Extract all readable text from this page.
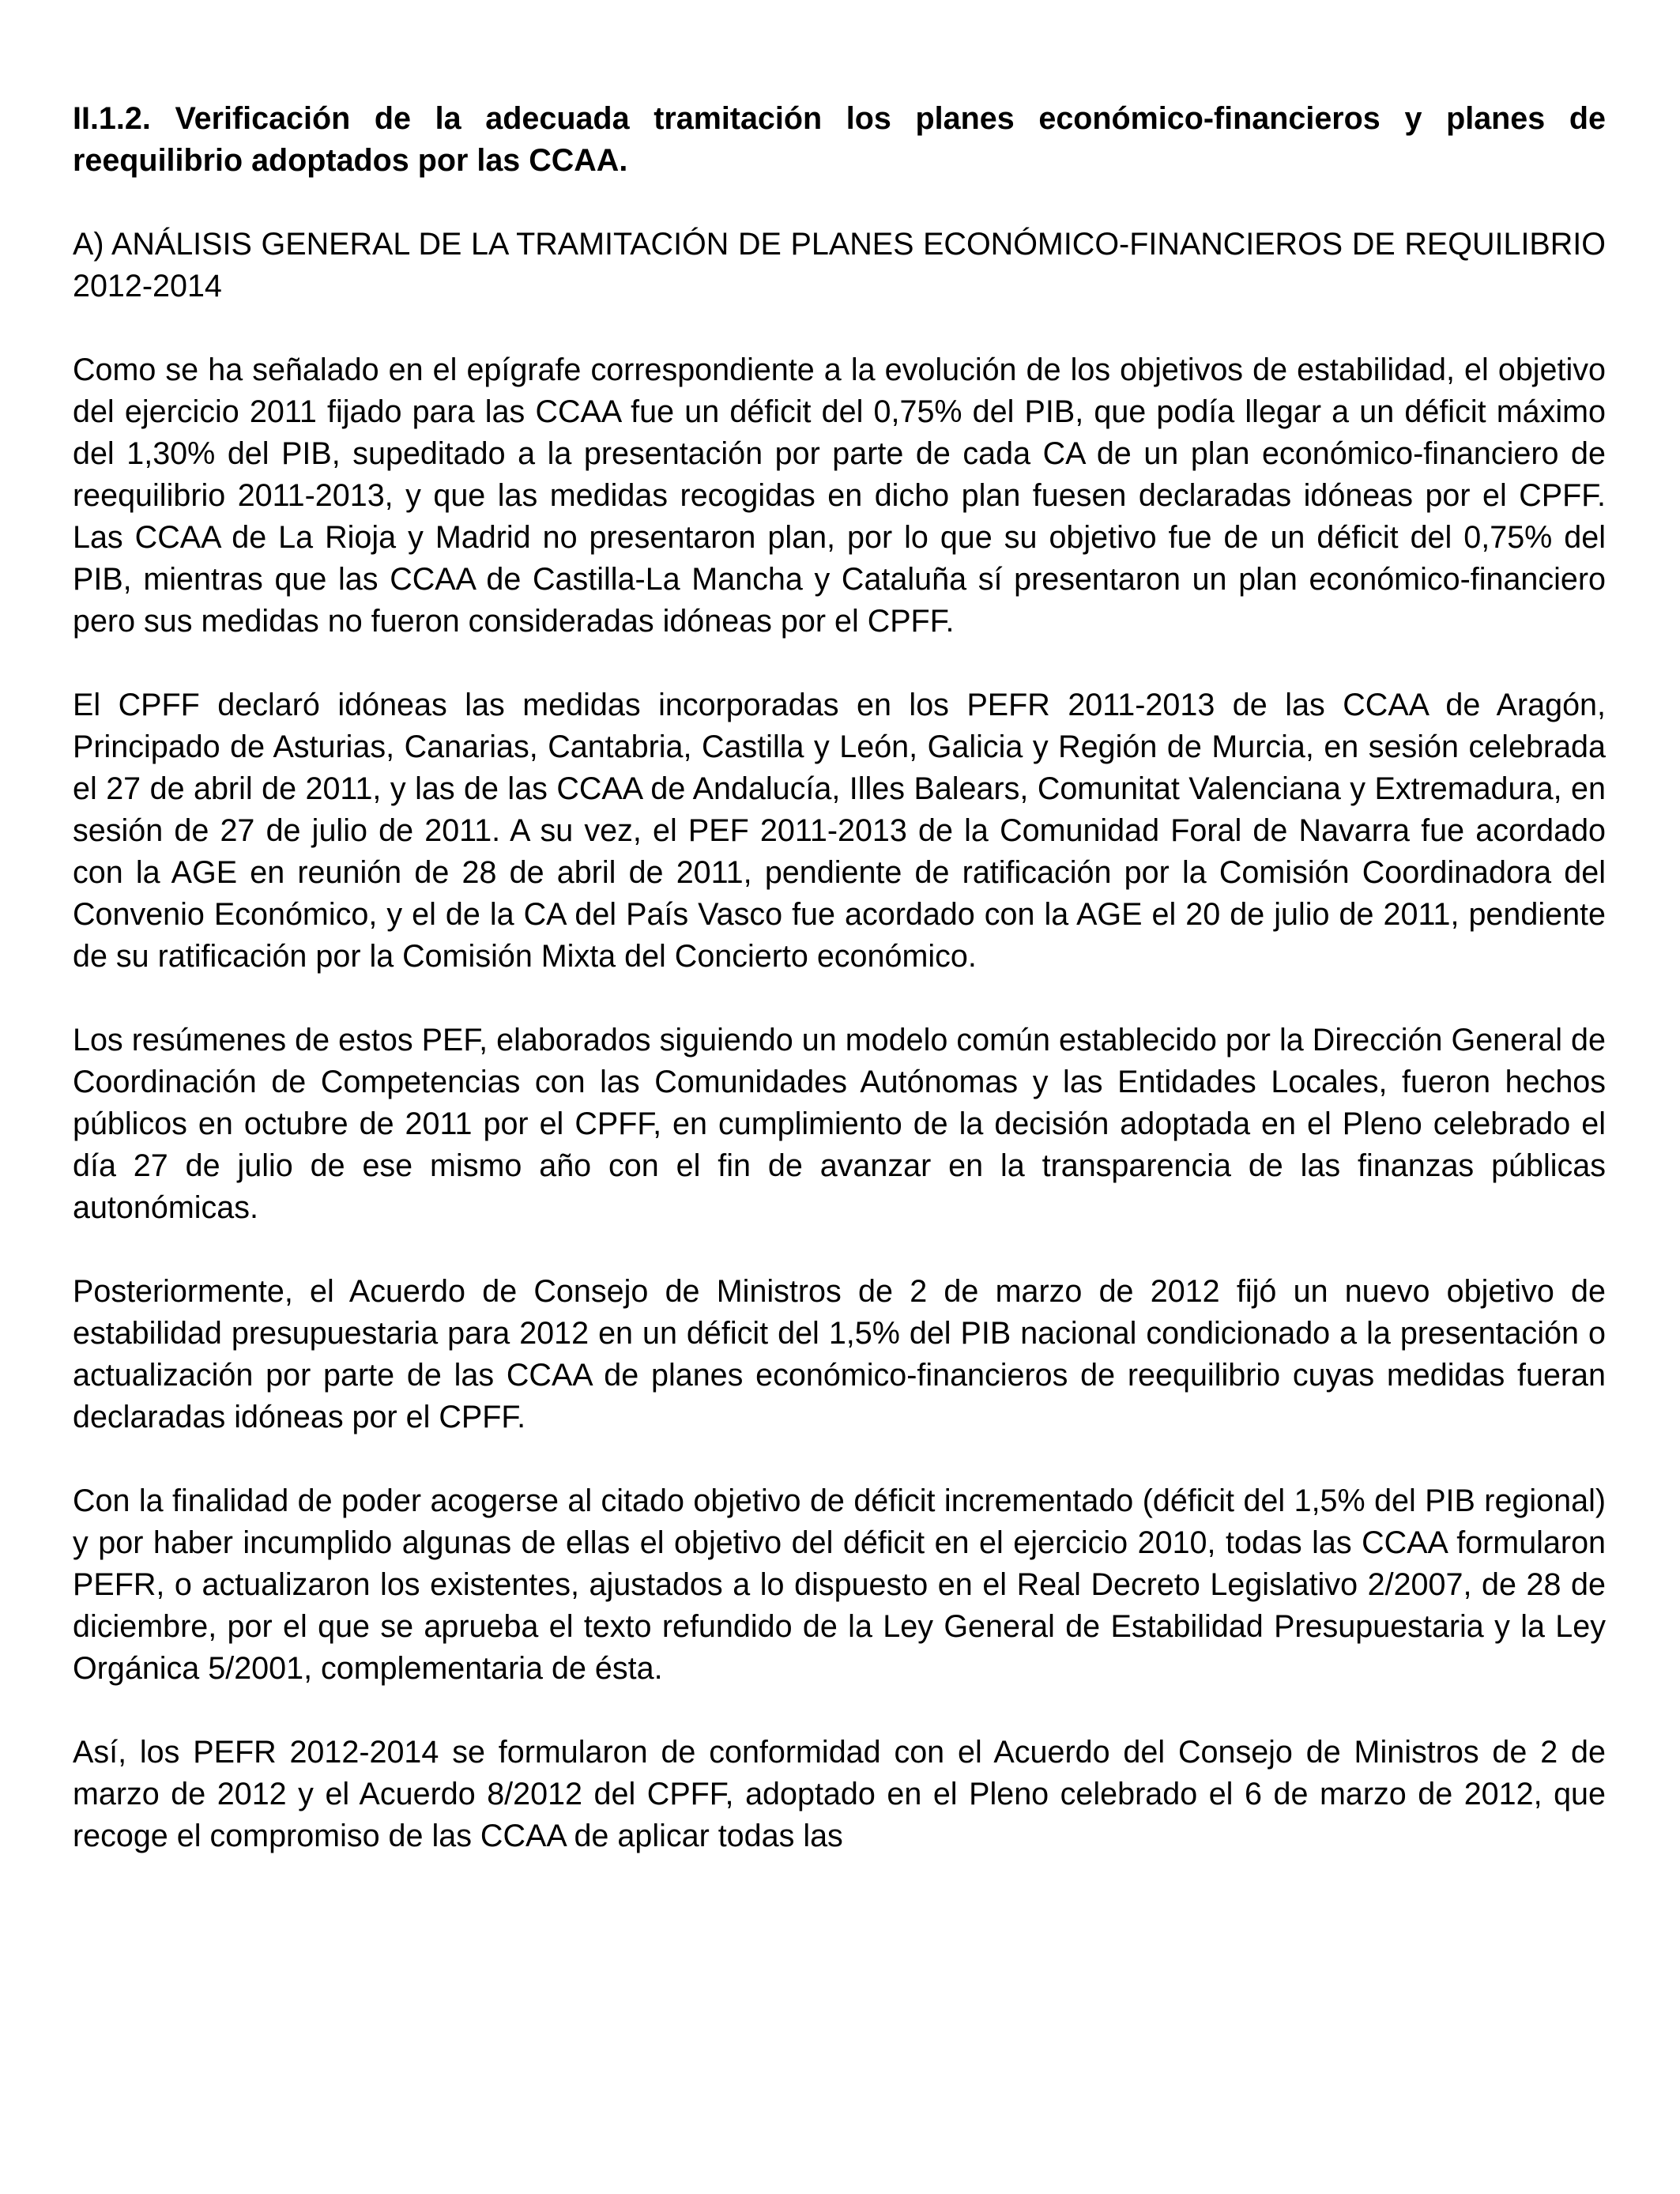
II.1.2. Verificación de la adecuada tramitación los planes económico-financieros y planes de reequilibrio adoptados por las CCAA.

A) ANÁLISIS GENERAL DE LA TRAMITACIÓN DE PLANES ECONÓMICO-FINANCIEROS DE REQUILIBRIO 2012-2014

Como se ha señalado en el epígrafe correspondiente a la evolución de los objetivos de estabilidad, el objetivo del ejercicio 2011 fijado para las CCAA fue un déficit del 0,75% del PIB, que podía llegar a un déficit máximo del 1,30% del PIB, supeditado a la presentación por parte de cada CA de un plan económico-financiero de reequilibrio 2011-2013, y que las medidas recogidas en dicho plan fuesen declaradas idóneas por el CPFF. Las CCAA de La Rioja y Madrid no presentaron plan, por lo que su objetivo fue de un déficit del 0,75% del PIB, mientras que las CCAA de Castilla-La Mancha y Cataluña sí presentaron un plan económico-financiero pero sus medidas no fueron consideradas idóneas por el CPFF.

El CPFF declaró idóneas las medidas incorporadas en los PEFR 2011-2013 de las CCAA de Aragón, Principado de Asturias, Canarias, Cantabria, Castilla y León, Galicia y Región de Murcia, en sesión celebrada el 27 de abril de 2011, y las de las CCAA de Andalucía, Illes Balears, Comunitat Valenciana y Extremadura, en sesión de 27 de julio de 2011. A su vez, el PEF 2011-2013 de la Comunidad Foral de Navarra fue acordado con la AGE en reunión de 28 de abril de 2011, pendiente de ratificación por la Comisión Coordinadora del Convenio Económico, y el de la CA del País Vasco fue acordado con la AGE el 20 de julio de 2011, pendiente de su ratificación por la Comisión Mixta del Concierto económico.

Los resúmenes de estos PEF, elaborados siguiendo un modelo común establecido por la Dirección General de Coordinación de Competencias con las Comunidades Autónomas y las Entidades Locales, fueron hechos públicos en octubre de 2011 por el CPFF, en cumplimiento de la decisión adoptada en el Pleno celebrado el día 27 de julio de ese mismo año con el fin de avanzar en la transparencia de las finanzas públicas autonómicas.

Posteriormente, el Acuerdo de Consejo de Ministros de 2 de marzo de 2012 fijó un nuevo objetivo de estabilidad presupuestaria para 2012 en un déficit del 1,5% del PIB nacional condicionado a la presentación o actualización por parte de las CCAA de planes económico-financieros de reequilibrio cuyas medidas fueran declaradas idóneas por el CPFF.

Con la finalidad de poder acogerse al citado objetivo de déficit incrementado (déficit del 1,5% del PIB regional) y por haber incumplido algunas de ellas el objetivo del déficit en el ejercicio 2010, todas las CCAA formularon PEFR, o actualizaron los existentes, ajustados a lo dispuesto en el Real Decreto Legislativo 2/2007, de 28 de diciembre, por el que se aprueba el texto refundido de la Ley General de Estabilidad Presupuestaria y la Ley Orgánica 5/2001, complementaria de ésta.

Así, los PEFR 2012-2014 se formularon de conformidad con el Acuerdo del Consejo de Ministros de 2 de marzo de 2012 y el Acuerdo 8/2012 del CPFF, adoptado en el Pleno celebrado el 6 de marzo de 2012, que recoge el compromiso de las CCAA de aplicar todas las
